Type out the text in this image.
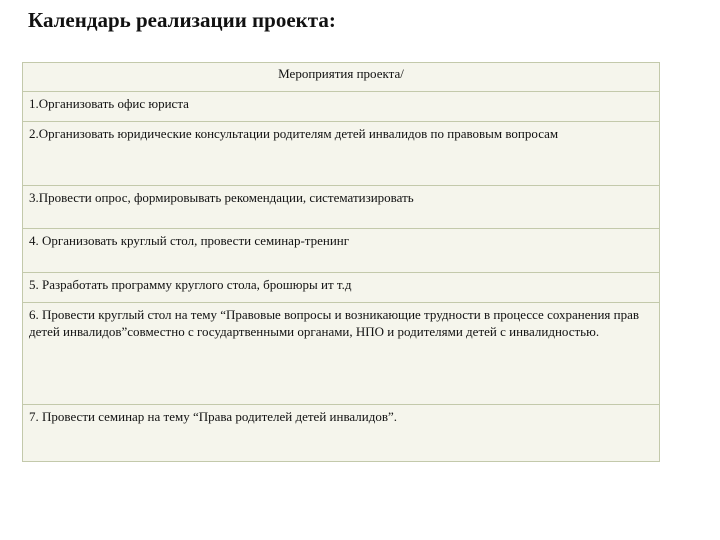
Календарь реализации проекта:
Мероприятия проекта/
1.Организовать офис юриста
2.Организовать юридические консультации родителям детей инвалидов по правовым вопросам
3.Провести опрос, формировывать рекомендации, систематизировать
4. Организовать круглый стол, провести семинар-тренинг
5. Разработать программу круглого стола, брошюры ит т.д
6. Провести круглый стол на тему “Правовые вопросы и возникающие трудности в процессе сохранения прав детей инвалидов”совместно с государтвенными органами, НПО и родителями детей с инвалидностью.
7. Провести семинар на тему “Права родителей детей инвалидов”.
